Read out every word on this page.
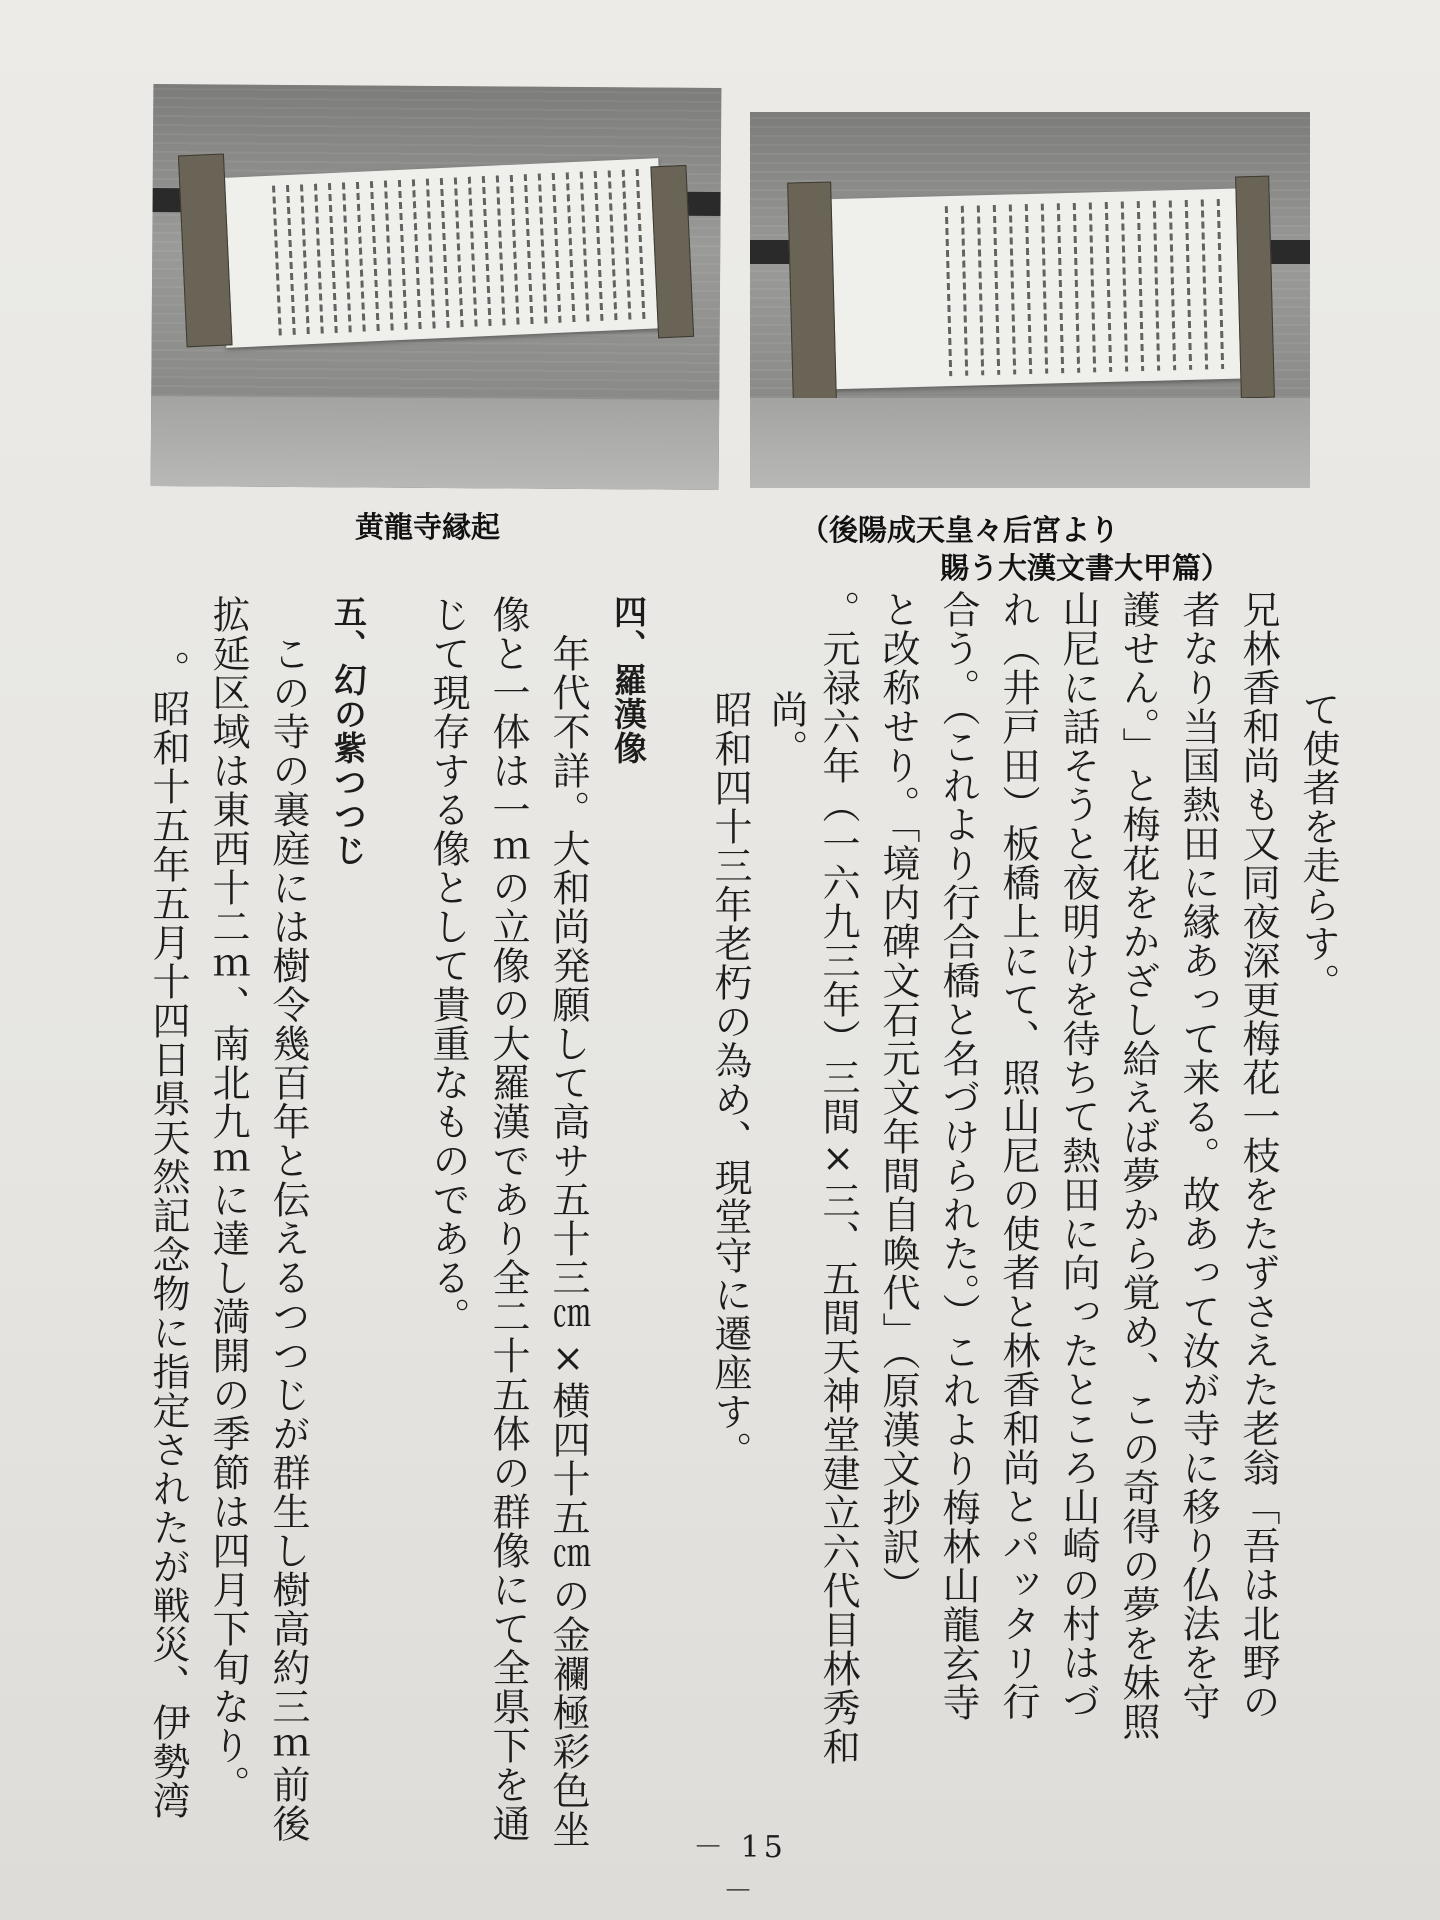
黄龍寺縁起	（後陽成天皇々后宮より
賜う大漢文書大甲篇）
て使者を走らす。
兄林香和尚も又同夜深更梅花一枝をたずさえた老翁「吾は北野の
者なり当国熱田に縁あって来る。故あって汝が寺に移り仏法を守
護せん。」と梅花をかざし給えば夢から覚め、この奇得の夢を妹照
山尼に話そうと夜明けを待ちて熱田に向ったところ山崎の村はづ
れ（井戸田）板橋上にて、照山尼の使者と林香和尚とパッタリ行
合う。（これより行合橋と名づけられた。）これより梅林山龍玄寺
と改称せり。「境内碑文石元文年間自喚代」（原漢文抄訳）
。元禄六年（一六九三年）三間×三、五間天神堂建立六代目林秀和
尚。
昭和四十三年老朽の為め、現堂守に遷座す。
四、羅漢像
　年代不詳。大和尚発願して高サ五十三㎝×横四十五㎝の金襴極彩色坐
像と一体は一ｍの立像の大羅漢であり全二十五体の群像にて全県下を通
じて現存する像として貴重なものである。
五、幻の紫つつじ
　この寺の裏庭には樹令幾百年と伝えるつつじが群生し樹高約三ｍ前後
拡延区域は東西十二ｍ、南北九ｍに達し満開の季節は四月下旬なり。
。昭和十五年五月十四日県天然記念物に指定されたが戦災、伊勢湾
－ 15 －
